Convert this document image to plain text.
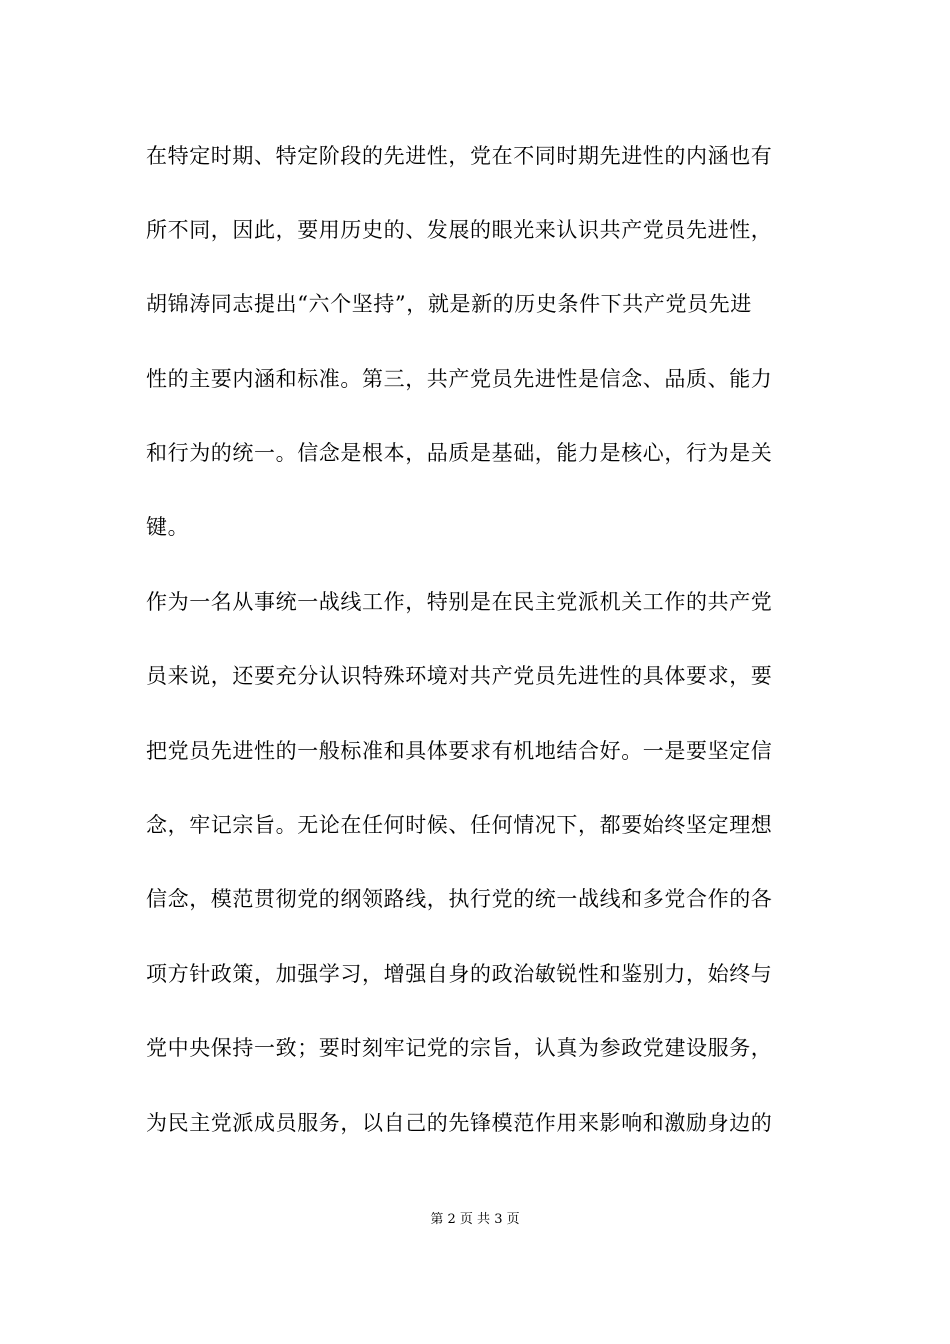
在特定时期、特定阶段的先进性，党在不同时期先进性的内涵也有
所不同，因此，要用历史的、发展的眼光来认识共产党员先进性，
胡锦涛同志提出“六个坚持”，就是新的历史条件下共产党员先进
性的主要内涵和标准。第三，共产党员先进性是信念、品质、能力
和行为的统一。信念是根本，品质是基础，能力是核心，行为是关
键。
作为一名从事统一战线工作，特别是在民主党派机关工作的共产党
员来说，还要充分认识特殊环境对共产党员先进性的具体要求，要
把党员先进性的一般标准和具体要求有机地结合好。一是要坚定信
念，牢记宗旨。无论在任何时候、任何情况下，都要始终坚定理想
信念，模范贯彻党的纲领路线，执行党的统一战线和多党合作的各
项方针政策，加强学习，增强自身的政治敏锐性和鉴别力，始终与
党中央保持一致；要时刻牢记党的宗旨，认真为参政党建设服务，
为民主党派成员服务，以自己的先锋模范作用来影响和激励身边的
第 2 页 共 3 页
